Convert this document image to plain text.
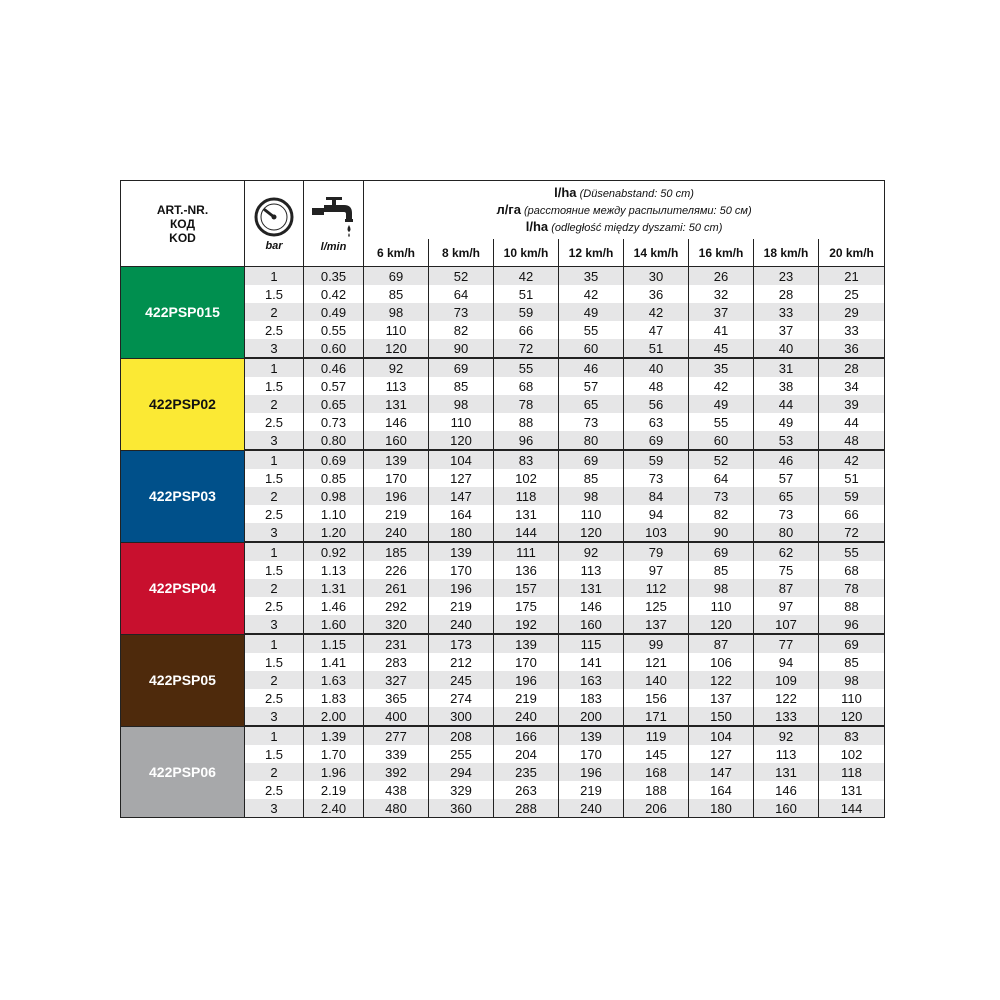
ART.-NR.
КОД
KOD	bar	l/min	l/ha (Düsenabstand: 50 cm)
л/га (расстояние между распылителями: 50 см)
l/ha (odległość między dyszami: 50 cm)							
			6 km/h	8 km/h	10 km/h	12 km/h	14 km/h	16 km/h	18 km/h	20 km/h
422PSP015	1	0.35	69	52	42	35	30	26	23	21
	1.5	0.42	85	64	51	42	36	32	28	25
	2	0.49	98	73	59	49	42	37	33	29
	2.5	0.55	110	82	66	55	47	41	37	33
	3	0.60	120	90	72	60	51	45	40	36
422PSP02	1	0.46	92	69	55	46	40	35	31	28
	1.5	0.57	113	85	68	57	48	42	38	34
	2	0.65	131	98	78	65	56	49	44	39
	2.5	0.73	146	110	88	73	63	55	49	44
	3	0.80	160	120	96	80	69	60	53	48
422PSP03	1	0.69	139	104	83	69	59	52	46	42
	1.5	0.85	170	127	102	85	73	64	57	51
	2	0.98	196	147	118	98	84	73	65	59
	2.5	1.10	219	164	131	110	94	82	73	66
	3	1.20	240	180	144	120	103	90	80	72
422PSP04	1	0.92	185	139	111	92	79	69	62	55
	1.5	1.13	226	170	136	113	97	85	75	68
	2	1.31	261	196	157	131	112	98	87	78
	2.5	1.46	292	219	175	146	125	110	97	88
	3	1.60	320	240	192	160	137	120	107	96
422PSP05	1	1.15	231	173	139	115	99	87	77	69
	1.5	1.41	283	212	170	141	121	106	94	85
	2	1.63	327	245	196	163	140	122	109	98
	2.5	1.83	365	274	219	183	156	137	122	110
	3	2.00	400	300	240	200	171	150	133	120
422PSP06	1	1.39	277	208	166	139	119	104	92	83
	1.5	1.70	339	255	204	170	145	127	113	102
	2	1.96	392	294	235	196	168	147	131	118
	2.5	2.19	438	329	263	219	188	164	146	131
	3	2.40	480	360	288	240	206	180	160	144
